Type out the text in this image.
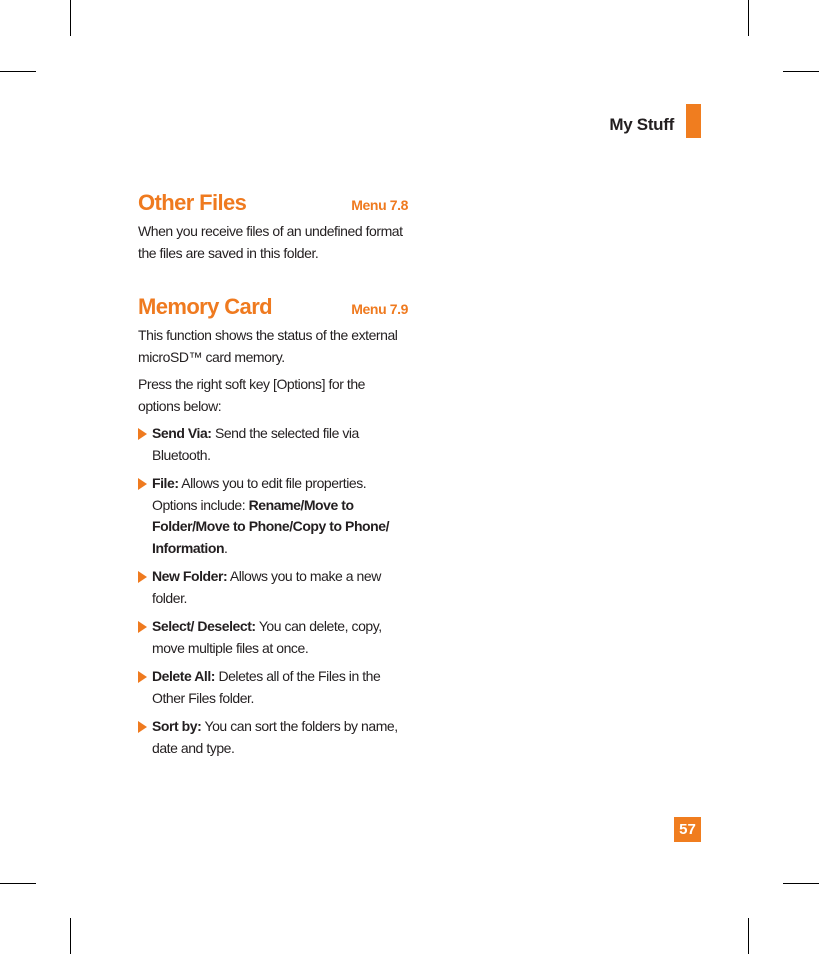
My Stuff
Other Files	Menu 7.8

When you receive files of an undefined format the files are saved in this folder.

Memory Card	Menu 7.9

This function shows the status of the external microSD™ card memory.

Press the right soft key [Options] for the options below:

Send Via: Send the selected file via Bluetooth.
File: Allows you to edit file properties. Options include: Rename/Move to Folder/Move to Phone/Copy to Phone/ Information.
New Folder: Allows you to make a new folder.
Select/ Deselect: You can delete, copy, move multiple files at once.
Delete All: Deletes all of the Files in the Other Files folder.
Sort by: You can sort the folders by name, date and type.
57
